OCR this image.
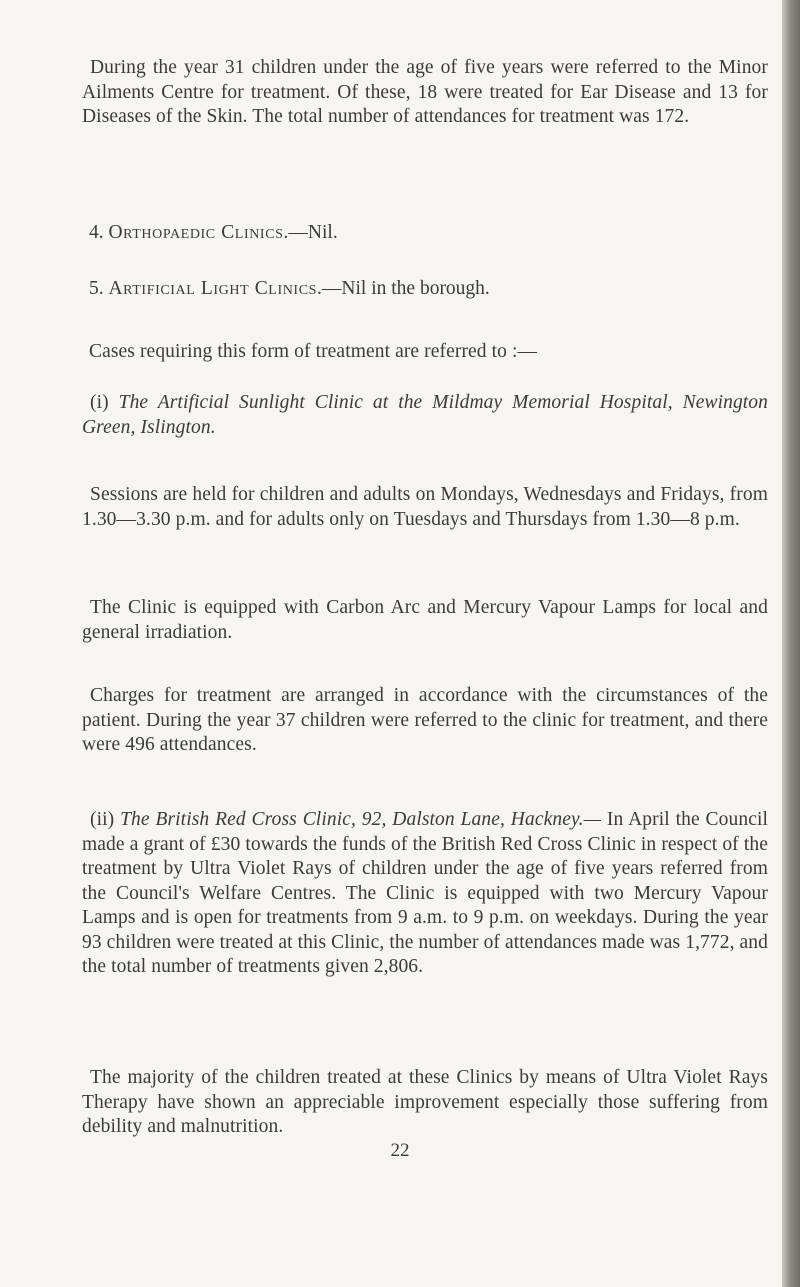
During the year 31 children under the age of five years were referred to the Minor Ailments Centre for treatment. Of these, 18 were treated for Ear Disease and 13 for Diseases of the Skin. The total number of attendances for treatment was 172.

4. Orthopaedic Clinics.—Nil.

5. Artificial Light Clinics.—Nil in the borough.

Cases requiring this form of treatment are referred to :—

(i) The Artificial Sunlight Clinic at the Mildmay Memorial Hospital, Newington Green, Islington.

Sessions are held for children and adults on Mondays, Wednesdays and Fridays, from 1.30—3.30 p.m. and for adults only on Tuesdays and Thursdays from 1.30—8 p.m.

The Clinic is equipped with Carbon Arc and Mercury Vapour Lamps for local and general irradiation.

Charges for treatment are arranged in accordance with the circumstances of the patient. During the year 37 children were referred to the clinic for treatment, and there were 496 attendances.

(ii) The British Red Cross Clinic, 92, Dalston Lane, Hackney.— In April the Council made a grant of £30 towards the funds of the British Red Cross Clinic in respect of the treatment by Ultra Violet Rays of children under the age of five years referred from the Council's Welfare Centres. The Clinic is equipped with two Mercury Vapour Lamps and is open for treatments from 9 a.m. to 9 p.m. on weekdays. During the year 93 children were treated at this Clinic, the number of attendances made was 1,772, and the total number of treatments given 2,806.

The majority of the children treated at these Clinics by means of Ultra Violet Rays Therapy have shown an appreciable improvement especially those suffering from debility and malnutrition.

22
